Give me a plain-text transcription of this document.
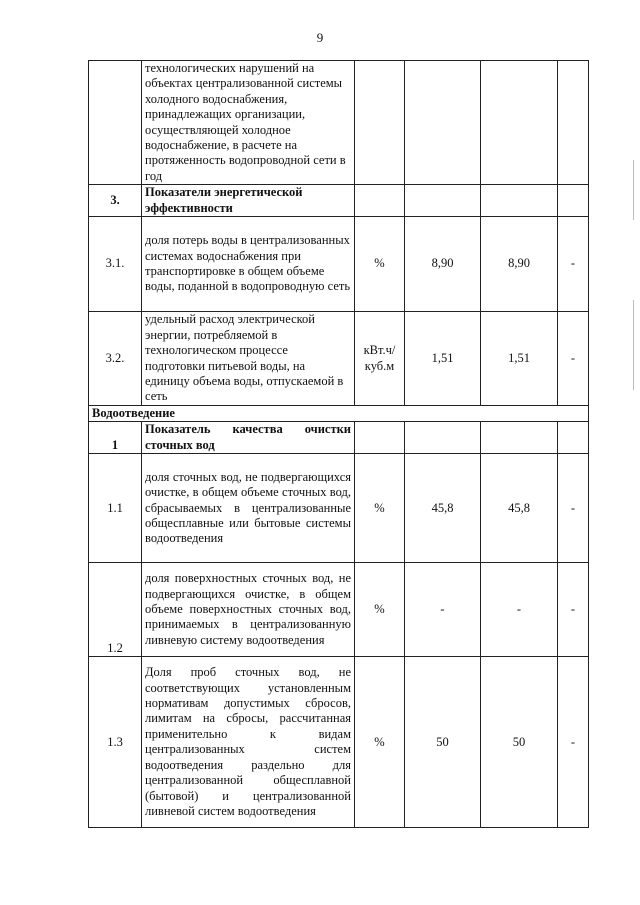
9
	технологических нарушений на объектах централизованной системы холодного водоснабжения, принадлежащих организации, осуществляющей холодное водоснабжение, в расчете на протяженность водопроводной сети в год				
3.	Показатели энергетической эффективности				
3.1.	доля потерь воды в централизованных системах водоснабжения при транспортировке в общем объеме воды, поданной в водопроводную сеть	%	8,90	8,90	-
3.2.	удельный расход электрической энергии, потребляемой в технологическом процессе подготовки питьевой воды, на единицу объема воды, отпускаемой в сеть	кВт.ч/ куб.м	1,51	1,51	-
Водоотведение					
1	Показатель качества очистки сточных вод				
1.1	доля сточных вод, не подвергающихся очистке, в общем объеме сточных вод, сбрасываемых в централизованные общесплавные или бытовые системы водоотведения	%	45,8	45,8	-
1.2	доля поверхностных сточных вод, не подвергающихся очистке, в общем объеме поверхностных сточных вод, принимаемых в централизованную ливневую систему водоотведения	%	-	-	-
1.3	Доля проб сточных вод, не соответствующих установленным нормативам допустимых сбросов, лимитам на сбросы, рассчитанная применительно к видам централизованных систем водоотведения раздельно для централизованной общесплавной (бытовой) и централизованной ливневой систем водоотведения	%	50	50	-
